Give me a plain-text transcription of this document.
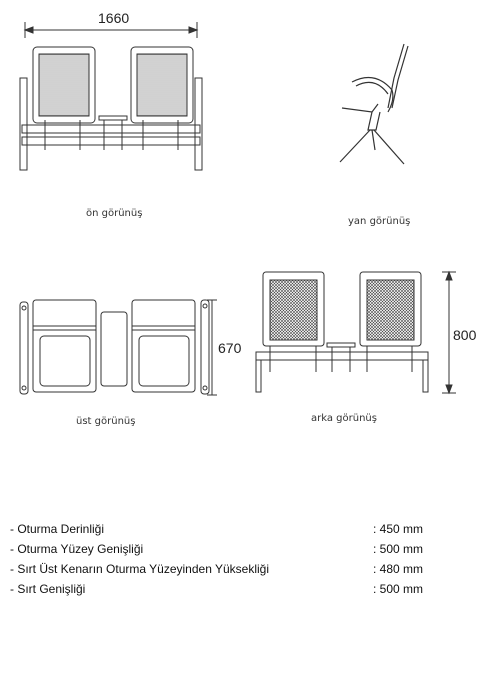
1660
670
800
ön görünüş
yan görünüş
üst görünüş	arka görünüş
- Oturma Derinliği	: 450 mm
- Oturma Yüzey Genişliği	: 500 mm
- Sırt Üst Kenarın Oturma Yüzeyinden Yüksekliği	: 480 mm
- Sırt Genişliği	: 500 mm
